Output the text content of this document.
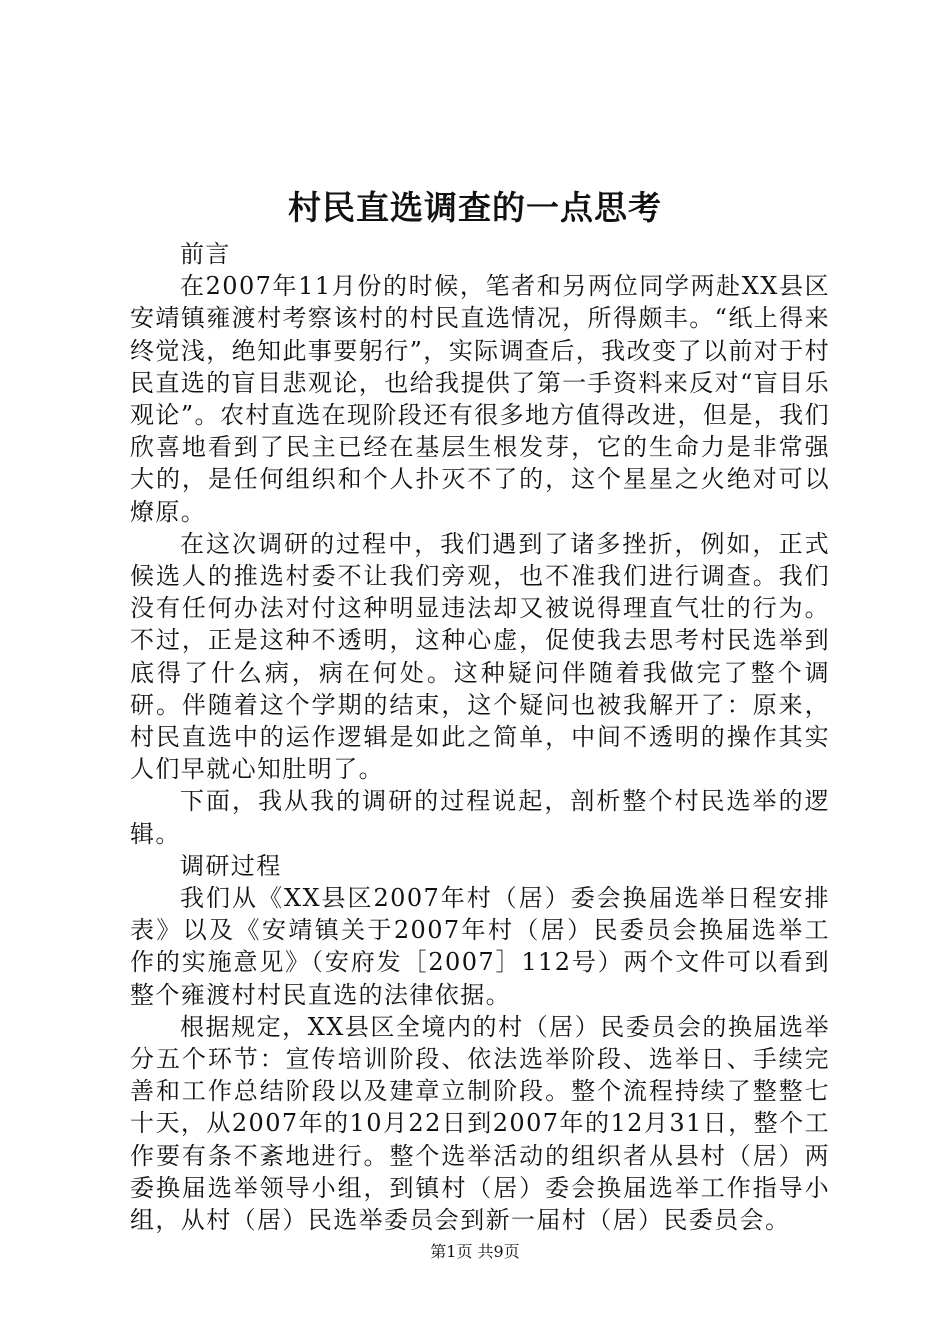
村民直选调查的一点思考

前言

在2007年11月份的时候，笔者和另两位同学两赴XX县区安靖镇雍渡村考察该村的村民直选情况，所得颇丰。“纸上得来终觉浅，绝知此事要躬行”，实际调查后，我改变了以前对于村民直选的盲目悲观论，也给我提供了第一手资料来反对“盲目乐观论”。农村直选在现阶段还有很多地方值得改进，但是，我们欣喜地看到了民主已经在基层生根发芽，它的生命力是非常强大的，是任何组织和个人扑灭不了的，这个星星之火绝对可以燎原。

在这次调研的过程中，我们遇到了诸多挫折，例如，正式候选人的推选村委不让我们旁观，也不准我们进行调查。我们没有任何办法对付这种明显违法却又被说得理直气壮的行为。不过，正是这种不透明，这种心虚，促使我去思考村民选举到底得了什么病，病在何处。这种疑问伴随着我做完了整个调研。伴随着这个学期的结束，这个疑问也被我解开了：原来，村民直选中的运作逻辑是如此之简单，中间不透明的操作其实人们早就心知肚明了。

下面，我从我的调研的过程说起，剖析整个村民选举的逻辑。

调研过程

我们从《XX县区2007年村（居）委会换届选举日程安排表》以及《安靖镇关于2007年村（居）民委员会换届选举工作的实施意见》（安府发［2007］112号）两个文件可以看到整个雍渡村村民直选的法律依据。

根据规定，XX县区全境内的村（居）民委员会的换届选举分五个环节：宣传培训阶段、依法选举阶段、选举日、手续完善和工作总结阶段以及建章立制阶段。整个流程持续了整整七十天，从2007年的10月22日到2007年的12月31日，整个工作要有条不紊地进行。整个选举活动的组织者从县村（居）两委换届选举领导小组，到镇村（居）委会换届选举工作指导小组，从村（居）民选举委员会到新一届村（居）民委员会。

第1页 共9页
